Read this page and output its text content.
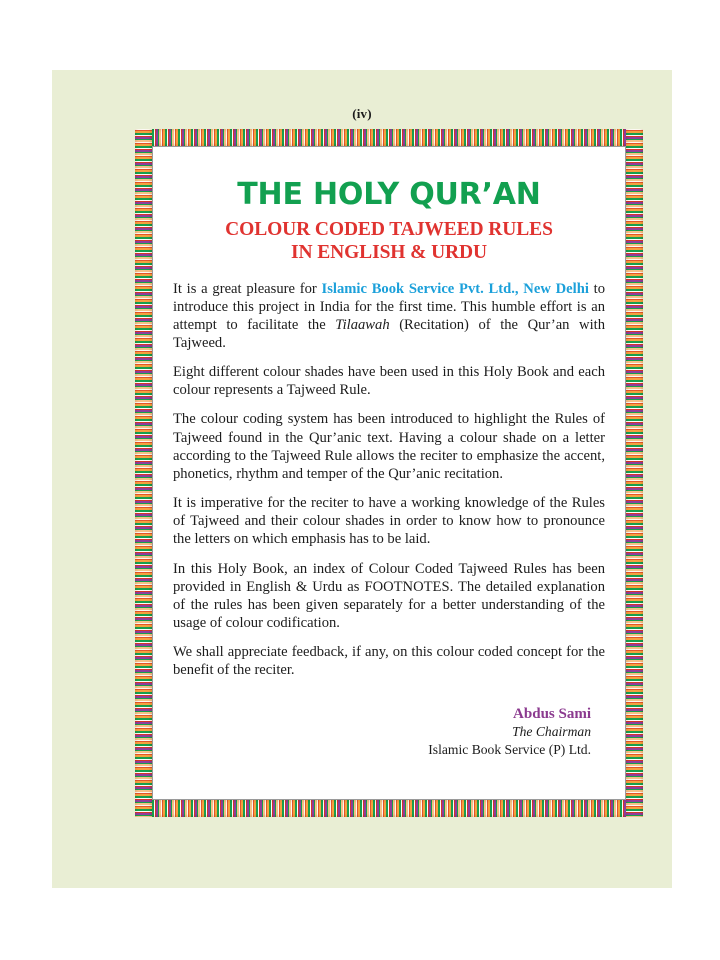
(iv)
THE HOLY QUR’AN
COLOUR CODED TAJWEED RULES
IN ENGLISH & URDU

It is a great pleasure for Islamic Book Service Pvt. Ltd., New Delhi to introduce this project in India for the first time. This humble effort is an attempt to facilitate the Tilaawah (Recitation) of the Qur’an with Tajweed.

Eight different colour shades have been used in this Holy Book and each colour represents a Tajweed Rule.

The colour coding system has been introduced to highlight the Rules of Tajweed found in the Qur’anic text. Having a colour shade on a letter according to the Tajweed Rule allows the reciter to emphasize the accent, phonetics, rhythm and temper of the Qur’anic recitation.

It is imperative for the reciter to have a working knowledge of the Rules of Tajweed and their colour shades in order to know how to pronounce the letters on which emphasis has to be laid.

In this Holy Book, an index of Colour Coded Tajweed Rules has been provided in English & Urdu as FOOTNOTES. The detailed explanation of the rules has been given separately for a better understanding of the usage of colour codification.

We shall appreciate feedback, if any, on this colour coded concept for the benefit of the reciter.

Abdus Sami
The Chairman
Islamic Book Service (P) Ltd.
